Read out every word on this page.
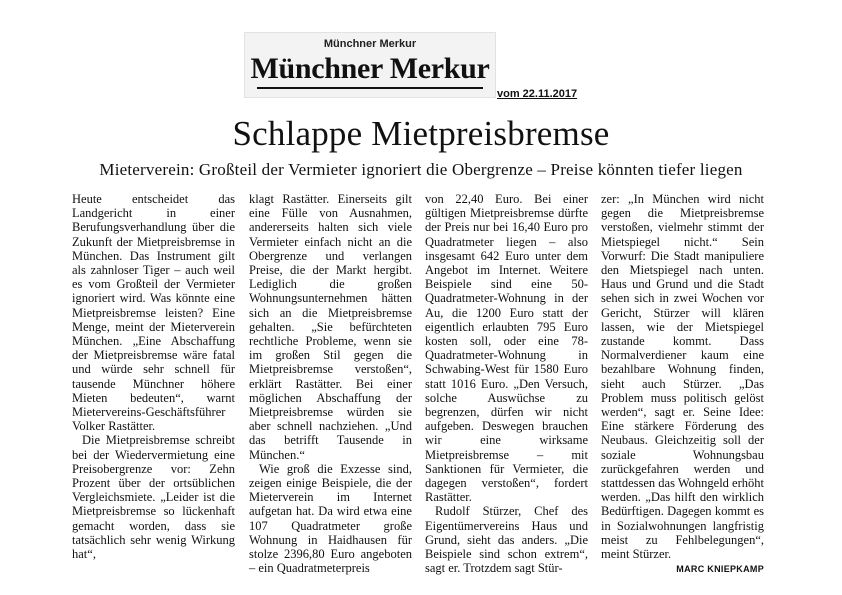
Münchner Merkur
Münchner Merkur
vom 22.11.2017
Schlappe Mietpreisbremse
Mieterverein: Großteil der Vermieter ignoriert die Obergrenze – Preise könnten tiefer liegen

Heute entscheidet das Landgericht in einer Berufungsverhandlung über die Zukunft der Mietpreisbremse in München. Das Instrument gilt als zahnloser Tiger – auch weil es vom Großteil der Vermieter ignoriert wird. Was könnte eine Mietpreisbremse leisten? Eine Menge, meint der Mieterverein München. „Eine Abschaffung der Mietpreisbremse wäre fatal und würde sehr schnell für tausende Münchner höhere Mieten bedeuten“, warnt Mietervereins-Geschäftsführer Volker Rastätter.

Die Mietpreisbremse schreibt bei der Wiedervermietung eine Preisobergrenze vor: Zehn Prozent über der ortsüblichen Vergleichsmiete. „Leider ist die Mietpreisbremse so lückenhaft gemacht worden, dass sie tatsächlich sehr wenig Wirkung hat“,

klagt Rastätter. Einerseits gilt eine Fülle von Ausnahmen, andererseits halten sich viele Vermieter einfach nicht an die Obergrenze und verlangen Preise, die der Markt hergibt. Lediglich die großen Wohnungsunternehmen hätten sich an die Mietpreisbremse gehalten. „Sie befürchteten rechtliche Probleme, wenn sie im großen Stil gegen die Mietpreisbremse verstoßen“, erklärt Rastätter. Bei einer möglichen Abschaffung der Mietpreisbremse würden sie aber schnell nachziehen. „Und das betrifft Tausende in München.“

Wie groß die Exzesse sind, zeigen einige Beispiele, die der Mieterverein im Internet aufgetan hat. Da wird etwa eine 107 Quadratmeter große Wohnung in Haidhausen für stolze 2396,80 Euro angeboten – ein Quadratmeterpreis

von 22,40 Euro. Bei einer gültigen Mietpreisbremse dürfte der Preis nur bei 16,40 Euro pro Quadratmeter liegen – also insgesamt 642 Euro unter dem Angebot im Internet. Weitere Beispiele sind eine 50-Quadratmeter-Wohnung in der Au, die 1200 Euro statt der eigentlich erlaubten 795 Euro kosten soll, oder eine 78-Quadratmeter-Wohnung in Schwabing-West für 1580 Euro statt 1016 Euro. „Den Versuch, solche Auswüchse zu begrenzen, dürfen wir nicht aufgeben. Deswegen brauchen wir eine wirksame Mietpreisbremse – mit Sanktionen für Vermieter, die dagegen verstoßen“, fordert Rastätter.

Rudolf Stürzer, Chef des Eigentümervereins Haus und Grund, sieht das anders. „Die Beispiele sind schon extrem“, sagt er. Trotzdem sagt Stür-

zer: „In München wird nicht gegen die Mietpreisbremse verstoßen, vielmehr stimmt der Mietspiegel nicht.“ Sein Vorwurf: Die Stadt manipuliere den Mietspiegel nach unten. Haus und Grund und die Stadt sehen sich in zwei Wochen vor Gericht, Stürzer will klären lassen, wie der Mietspiegel zustande kommt. Dass Normalverdiener kaum eine bezahlbare Wohnung finden, sieht auch Stürzer. „Das Problem muss politisch gelöst werden“, sagt er. Seine Idee: Eine stärkere Förderung des Neubaus. Gleichzeitig soll der soziale Wohnungsbau zurückgefahren werden und stattdessen das Wohngeld erhöht werden. „Das hilft den wirklich Bedürftigen. Dagegen kommt es in Sozialwohnungen langfristig meist zu Fehlbelegungen“, meint Stürzer.

MARC KNIEPKAMP
